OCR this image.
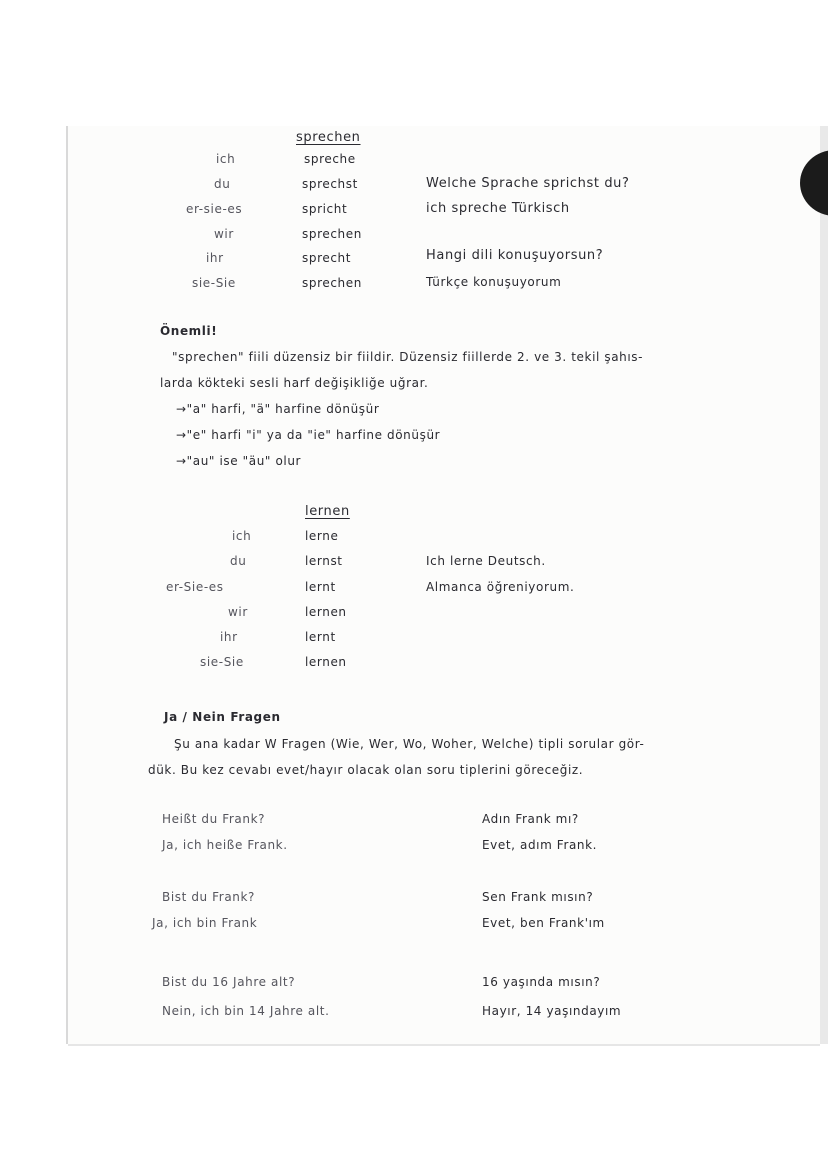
sprechen
ich
du
er-sie-es
wir
ihr
sie-Sie
spreche
sprechst
spricht
sprechen
sprecht
sprechen
Welche Sprache sprichst du?
ich spreche Türkisch
Hangi dili konuşuyorsun?
Türkçe konuşuyorum
Önemli!
"sprechen" fiili düzensiz bir fiildir. Düzensiz fiillerde 2. ve 3. tekil şahıs-
larda kökteki sesli harf değişikliğe uğrar.
→"a" harfi, "ä" harfine dönüşür
→"e" harfi "i" ya da "ie" harfine dönüşür
→"au" ise "äu" olur
lernen
ich
du
er-Sie-es
wir
ihr
sie-Sie
lerne
lernst
lernt
lernen
lernt
lernen
Ich lerne Deutsch.
Almanca öğreniyorum.
Ja / Nein Fragen
Şu ana kadar W Fragen (Wie, Wer, Wo, Woher, Welche) tipli sorular gör-
dük. Bu kez cevabı evet/hayır olacak olan soru tiplerini göreceğiz.
Heißt du Frank?
Ja, ich heiße Frank.
Adın Frank mı?
Evet, adım Frank.
Bist du Frank?
Ja, ich bin Frank
Sen Frank mısın?
Evet, ben Frank'ım
Bist du 16 Jahre alt?
Nein, ich bin 14 Jahre alt.
16 yaşında mısın?
Hayır, 14 yaşındayım
